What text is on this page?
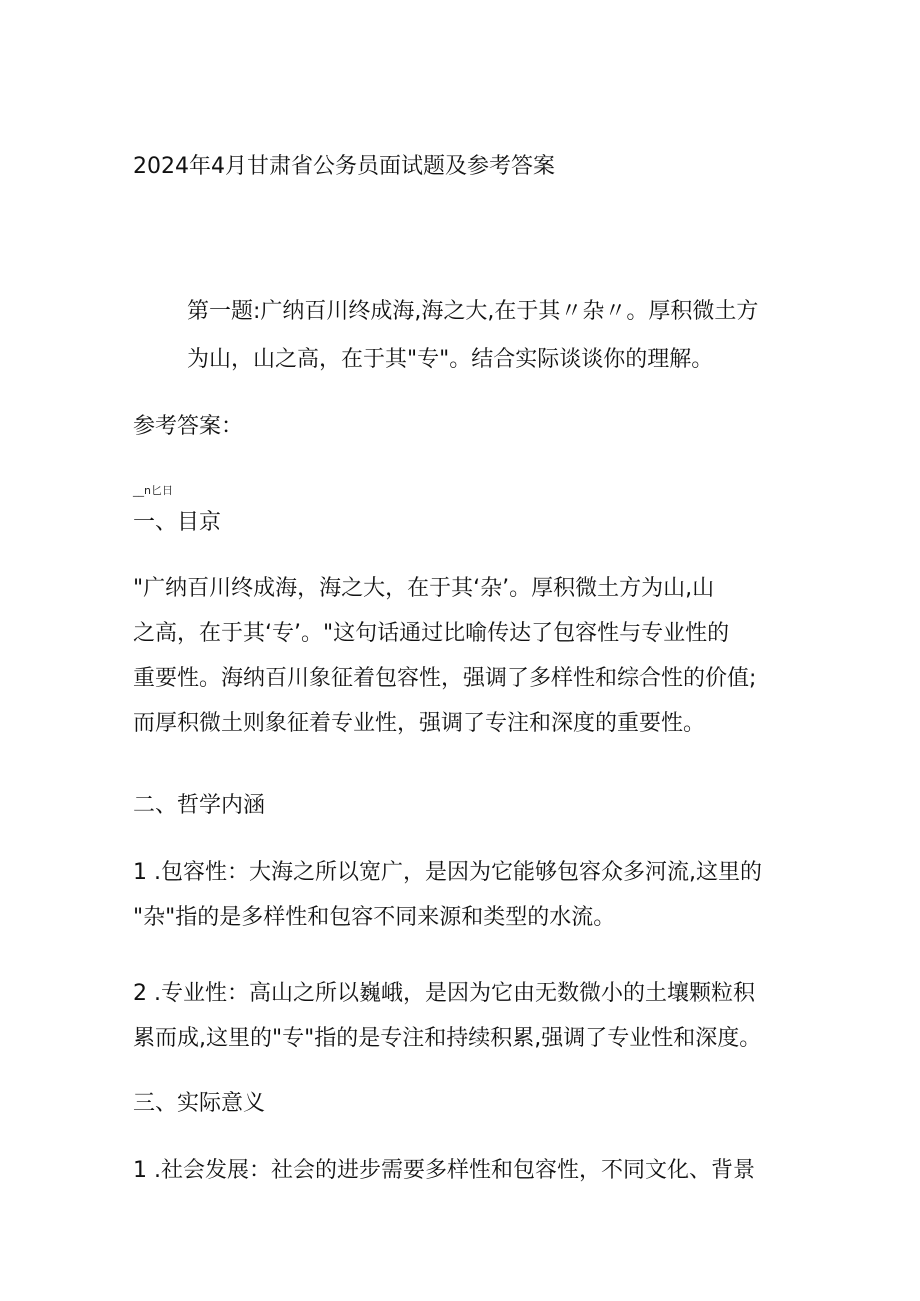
2024年4月甘肃省公务员面试题及参考答案
第一题:广纳百川终成海,海之大,在于其〃杂〃。厚积微土方
为山，山之高，在于其"专"。结合实际谈谈你的理解。
参考答案：
__n匕日
一、目京
"广纳百川终成海，海之大，在于其‘杂’。厚积微土方为山,山
之高，在于其‘专’。"这句话通过比喻传达了包容性与专业性的
重要性。海纳百川象征着包容性，强调了多样性和综合性的价值;
而厚积微土则象征着专业性，强调了专注和深度的重要性。
二、哲学内涵
1 .包容性：大海之所以宽广，是因为它能够包容众多河流,这里的
"杂"指的是多样性和包容不同来源和类型的水流。
2 .专业性：高山之所以巍峨，是因为它由无数微小的土壤颗粒积
累而成,这里的"专"指的是专注和持续积累,强调了专业性和深度。
三、实际意义
1 .社会发展：社会的进步需要多样性和包容性，不同文化、背景
